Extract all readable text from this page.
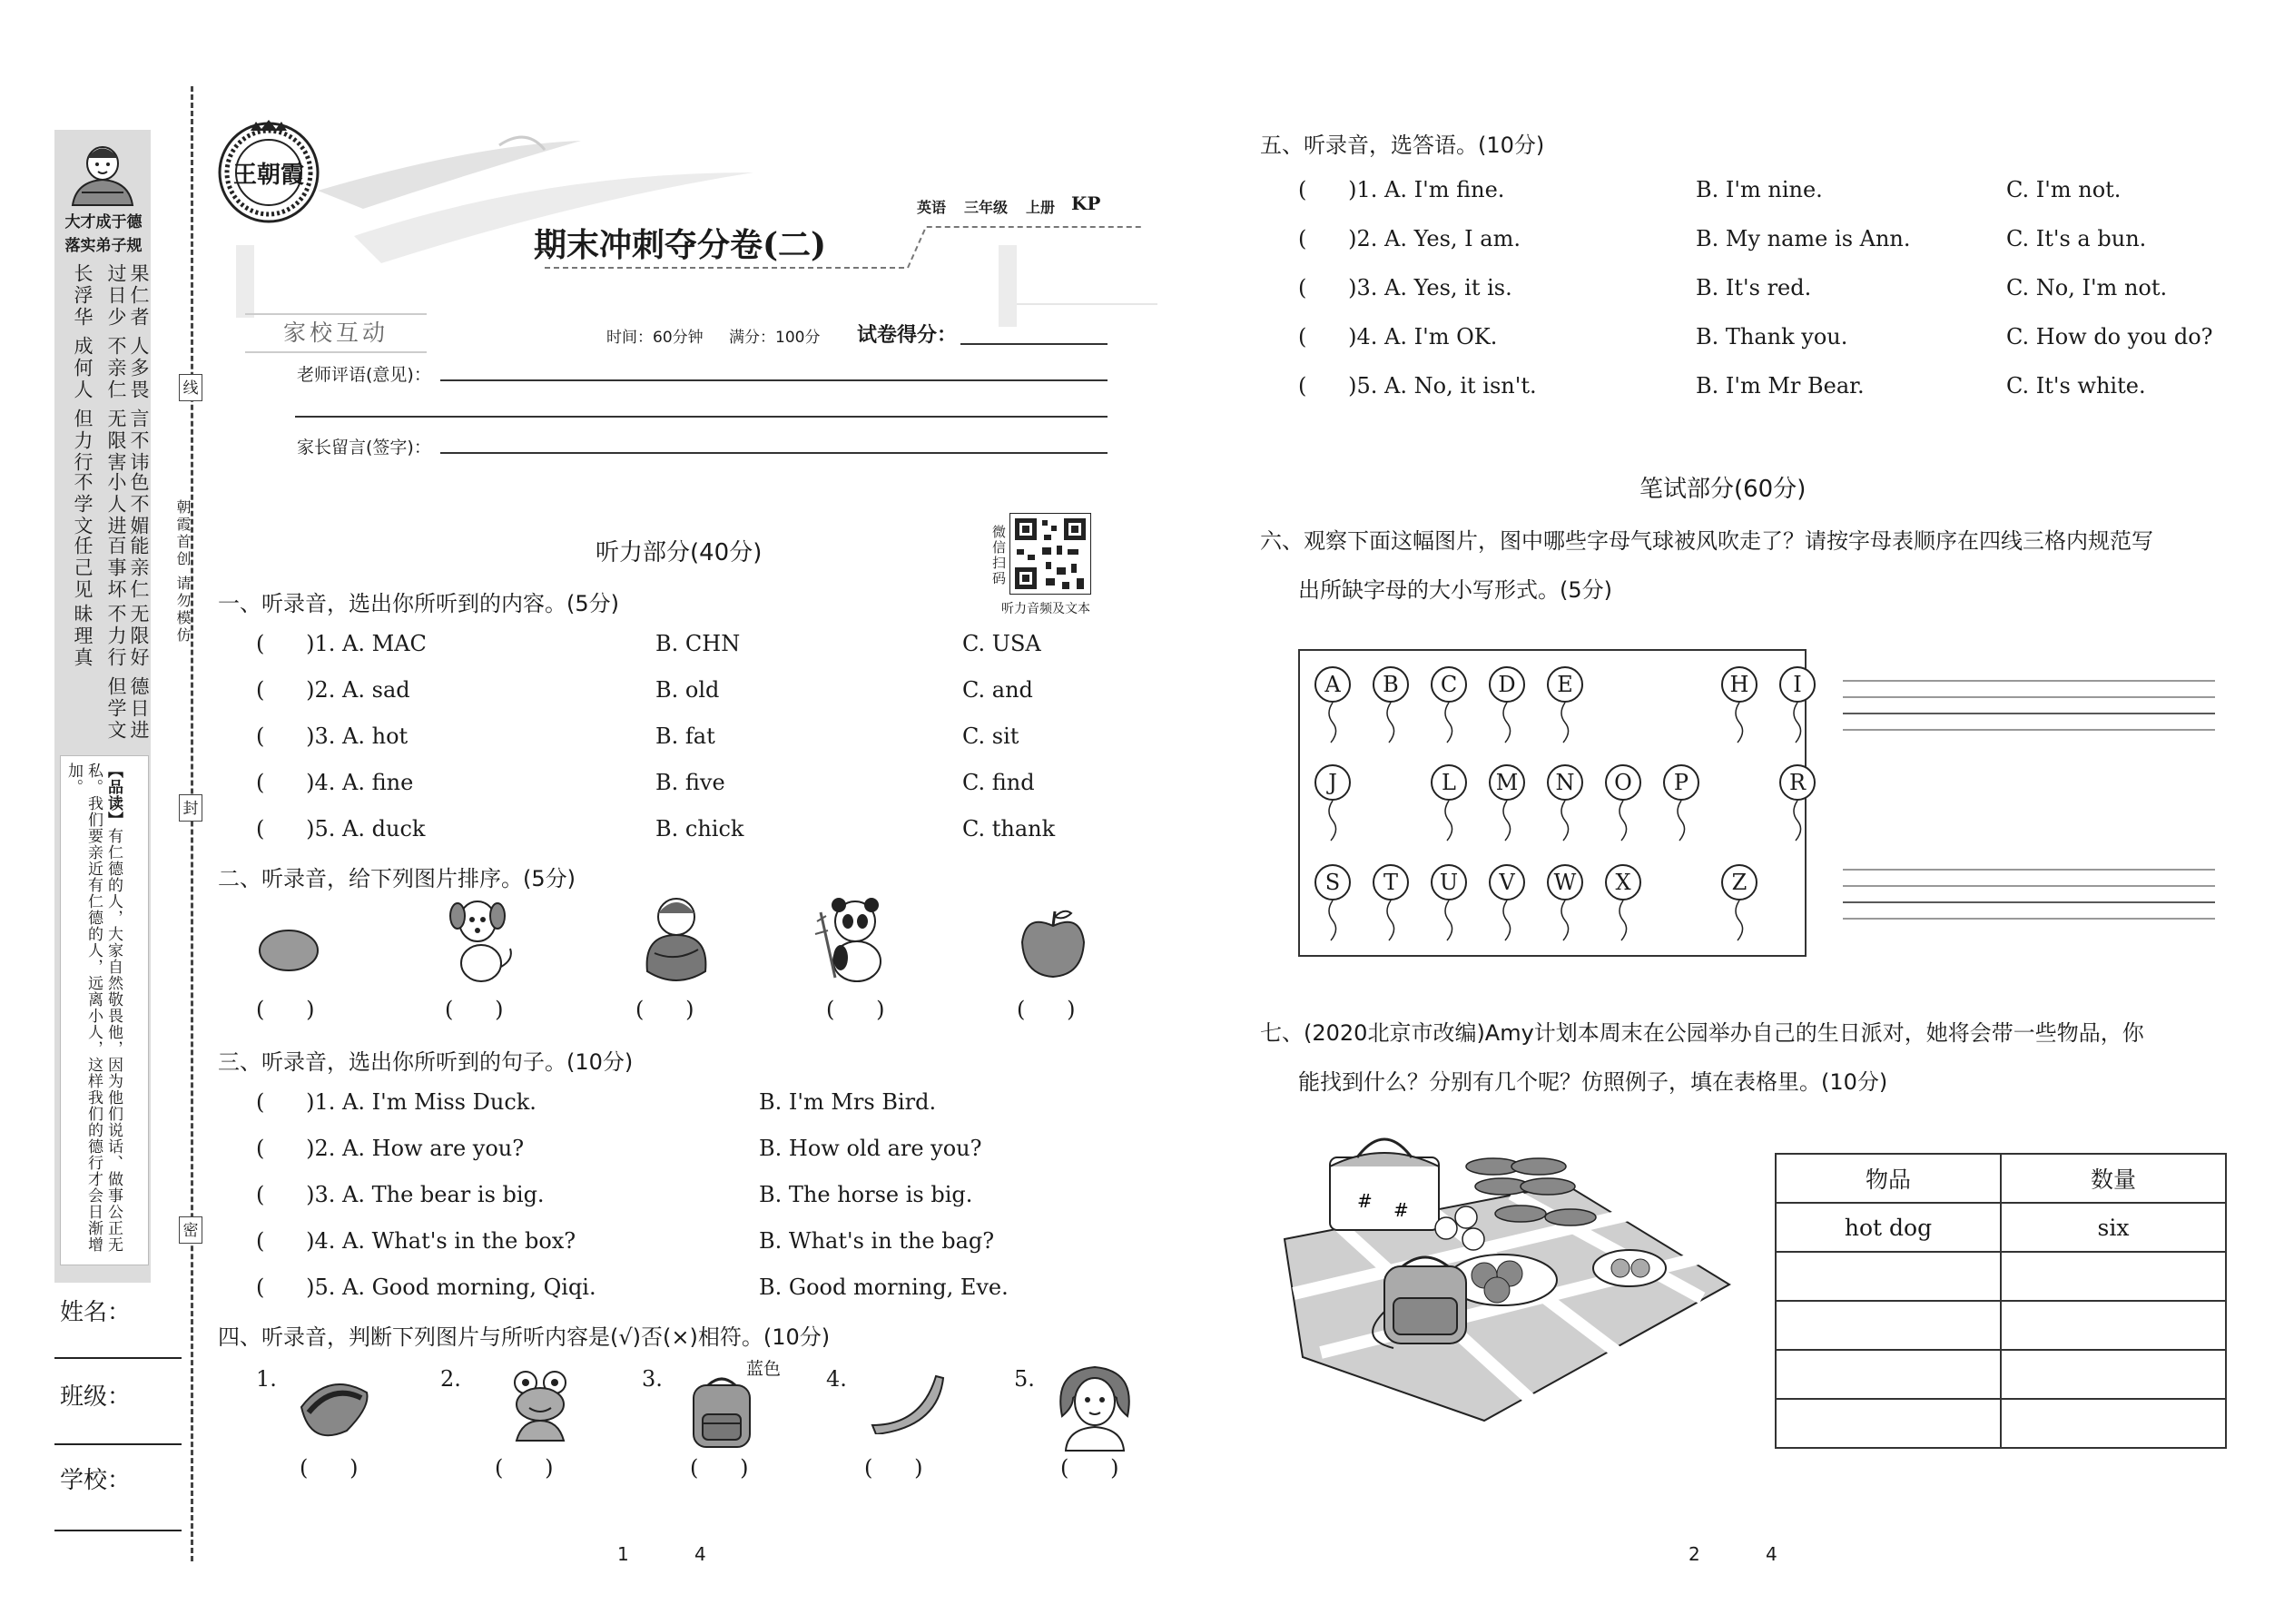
大才成于德
落实弟子规
果仁者
人多畏
言不讳
色不媚
能亲仁
无限好
德日进
过日少
不亲仁
无限害
小人进
百事坏
不力行
但学文
长浮华
成何人
但力行
不学文
任己见
昧理真
【品读】有仁德的人，大家自然敬畏他，因为他们说话、做事公正无私。我们要亲近有仁德的人，远离小人，这样我们的德行才会日渐增加。
姓名：
班级：
学校：
线
封
密
朝霞首创 请勿模仿
王朝霞
英语 三年级 上册 KP
期末冲刺夺分卷(二)
家校互动	时间：60分钟 满分：100分 试卷得分：
老师评语(意见)：
家长留言(签字)：
微信扫码
听力音频及文本
听力部分(40分)
一、听录音，选出你所听到的内容。(5分)
(      )1. A. MAC	B. CHN	C. USA
(      )2. A. sad	B. old	C. and
(      )3. A. hot	B. fat	C. sit
(      )4. A. fine	B. five	C. find
(      )5. A. duck	B. chick	C. thank
二、听录音，给下列图片排序。(5分)
(      )	(      )	(      )	(      )	(      )
三、听录音，选出你所听到的句子。(10分)
(      )1. A. I'm Miss Duck.	B. I'm Mrs Bird.
(      )2. A. How are you?	B. How old are you?
(      )3. A. The bear is big.	B. The horse is big.
(      )4. A. What's in the box?	B. What's in the bag?
(      )5. A. Good morning, Qiqi.	B. Good morning, Eve.
四、听录音，判断下列图片与所听内容是(√)否(×)相符。(10分)
1.	2.	3.	4.	5.
蓝色
(      )	(      )	(      )	(      )	(      )
五、听录音，选答语。(10分)
(      )1. A. I'm fine.	B. I'm nine.	C. I'm not.
(      )2. A. Yes, I am.	B. My name is Ann.	C. It's a bun.
(      )3. A. Yes, it is.	B. It's red.	C. No, I'm not.
(      )4. A. I'm OK.	B. Thank you.	C. How do you do?
(      )5. A. No, it isn't.	B. I'm Mr Bear.	C. It's white.
笔试部分(60分)
六、观察下面这幅图片，图中哪些字母气球被风吹走了？请按字母表顺序在四线三格内规范写
出所缺字母的大小写形式。(5分)
A	B	C	D	E	H	I
J	L	M	N	O	P	R
S	T	U	V	W	X	Z
七、(2020北京市改编)Amy计划本周末在公园举办自己的生日派对，她将会带一些物品，你
能找到什么？分别有几个呢？仿照例子，填在表格里。(10分)
# #
物品	数量
hot dog	six

1	4	2	4
